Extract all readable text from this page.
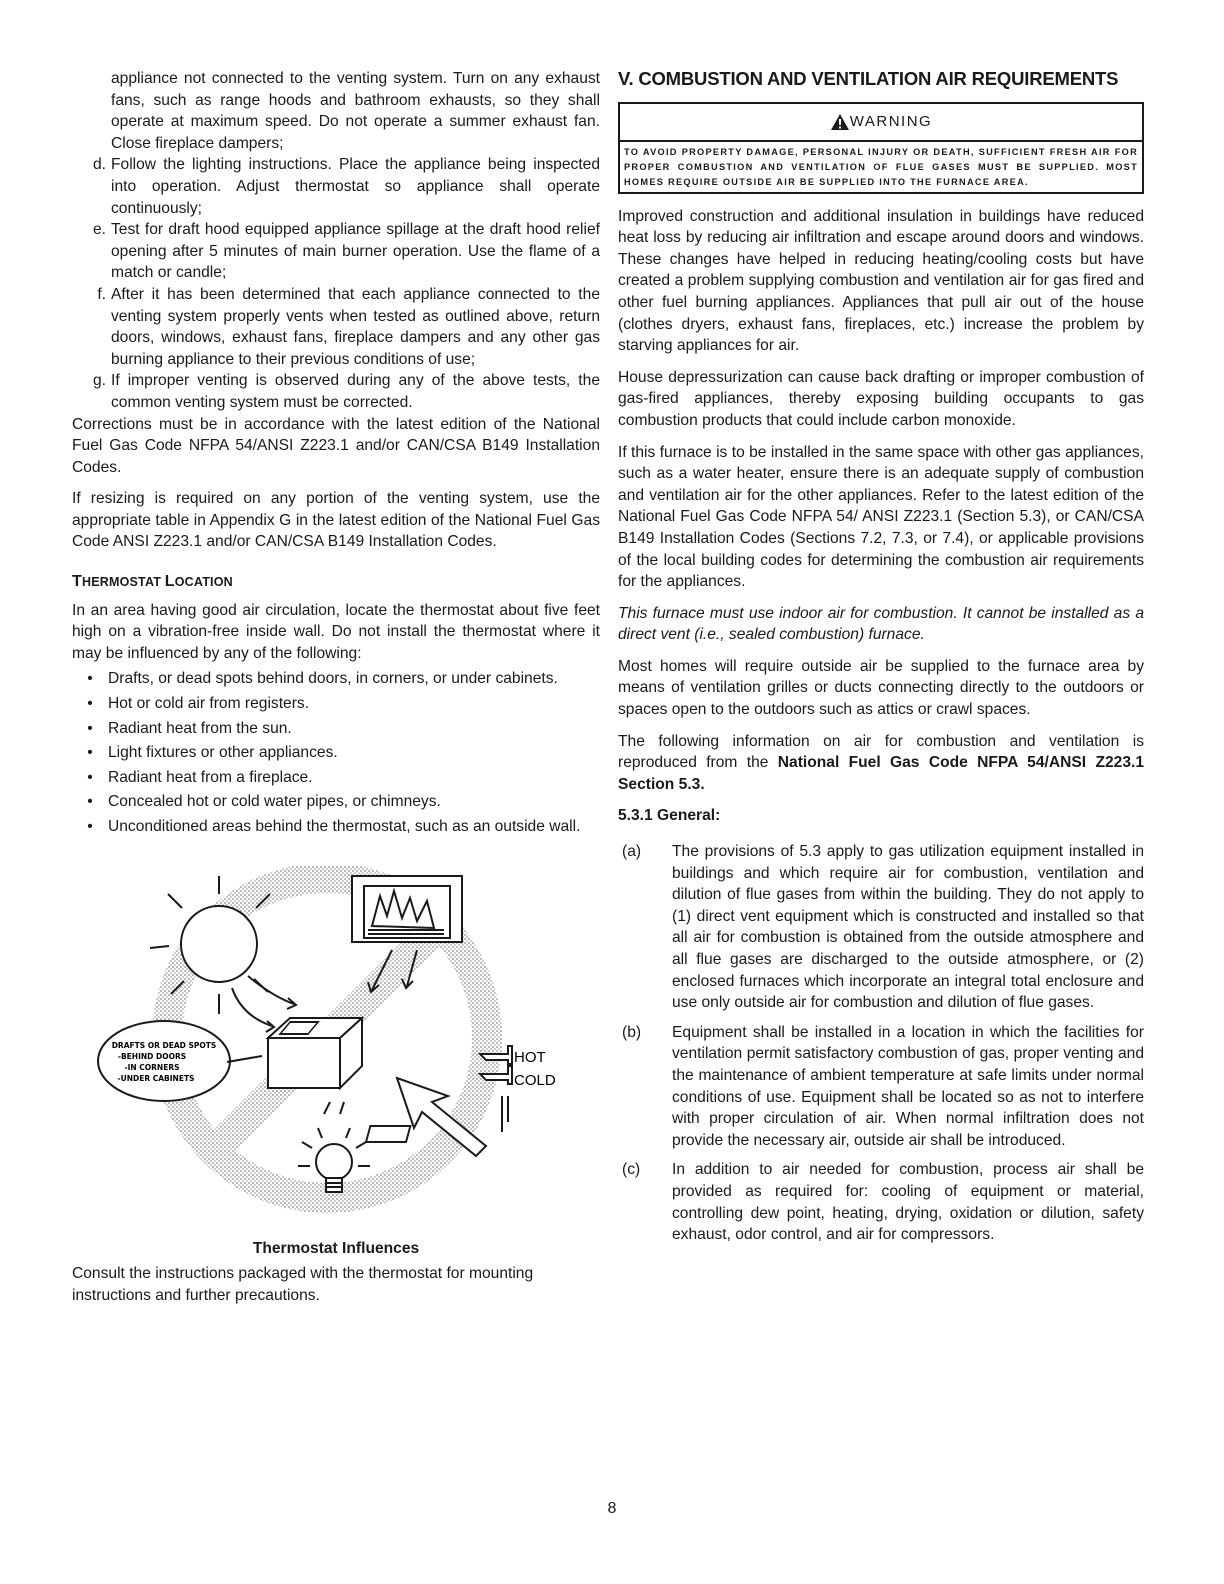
appliance not connected to the venting system. Turn on any exhaust fans, such as range hoods and bathroom exhausts, so they shall operate at maximum speed. Do not operate a summer exhaust fan. Close fireplace dampers;
d. Follow the lighting instructions. Place the appliance being inspected into operation. Adjust thermostat so appliance shall operate continuously;
e. Test for draft hood equipped appliance spillage at the draft hood relief opening after 5 minutes of main burner operation. Use the flame of a match or candle;
f. After it has been determined that each appliance connected to the venting system properly vents when tested as outlined above, return doors, windows, exhaust fans, fireplace dampers and any other gas burning appliance to their previous conditions of use;
g. If improper venting is observed during any of the above tests, the common venting system must be corrected.

Corrections must be in accordance with the latest edition of the National Fuel Gas Code NFPA 54/ANSI Z223.1 and/or CAN/CSA B149 Installation Codes.

If resizing is required on any portion of the venting system, use the appropriate table in Appendix G in the latest edition of the National Fuel Gas Code ANSI Z223.1 and/or CAN/CSA B149 Installation Codes.

THERMOSTAT LOCATION

In an area having good air circulation, locate the thermostat about five feet high on a vibration-free inside wall. Do not install the thermostat where it may be influenced by any of the following:

• Drafts, or dead spots behind doors, in corners, or under cabinets.
• Hot or cold air from registers.
• Radiant heat from the sun.
• Light fixtures or other appliances.
• Radiant heat from a fireplace.
• Concealed hot or cold water pipes, or chimneys.
• Unconditioned areas behind the thermostat, such as an outside wall.
DRAFTS OR DEAD SPOTS
-BEHIND DOORS
-IN CORNERS
-UNDER CABINETS
HOT
COLD
Thermostat Influences

Consult the instructions packaged with the thermostat for mounting instructions and further precautions.

V. COMBUSTION AND VENTILATION AIR REQUIREMENTS
WARNING
TO AVOID PROPERTY DAMAGE, PERSONAL INJURY OR DEATH, SUFFICIENT FRESH AIR FOR PROPER COMBUSTION AND VENTILATION OF FLUE GASES MUST BE SUPPLIED. MOST HOMES REQUIRE OUTSIDE AIR BE SUPPLIED INTO THE FURNACE AREA.

Improved construction and additional insulation in buildings have reduced heat loss by reducing air infiltration and escape around doors and windows. These changes have helped in reducing heating/cooling costs but have created a problem supplying combustion and ventilation air for gas fired and other fuel burning appliances. Appliances that pull air out of the house (clothes dryers, exhaust fans, fireplaces, etc.) increase the problem by starving appliances for air.

House depressurization can cause back drafting or improper combustion of gas-fired appliances, thereby exposing building occupants to gas combustion products that could include carbon monoxide.

If this furnace is to be installed in the same space with other gas appliances, such as a water heater, ensure there is an adequate supply of combustion and ventilation air for the other appliances. Refer to the latest edition of the National Fuel Gas Code NFPA 54/ ANSI Z223.1 (Section 5.3), or CAN/CSA B149 Installation Codes (Sections 7.2, 7.3, or 7.4), or applicable provisions of the local building codes for determining the combustion air requirements for the appliances.

This furnace must use indoor air for combustion. It cannot be installed as a direct vent (i.e., sealed combustion) furnace.

Most homes will require outside air be supplied to the furnace area by means of ventilation grilles or ducts connecting directly to the outdoors or spaces open to the outdoors such as attics or crawl spaces.

The following information on air for combustion and ventilation is reproduced from the National Fuel Gas Code NFPA 54/ANSI Z223.1 Section 5.3.

5.3.1 General:

(a)	The provisions of 5.3 apply to gas utilization equipment installed in buildings and which require air for combustion, ventilation and dilution of flue gases from within the building. They do not apply to (1) direct vent equipment which is constructed and installed so that all air for combustion is obtained from the outside atmosphere and all flue gases are discharged to the outside atmosphere, or (2) enclosed furnaces which incorporate an integral total enclosure and use only outside air for combustion and dilution of flue gases.
(b)	Equipment shall be installed in a location in which the facilities for ventilation permit satisfactory combustion of gas, proper venting and the maintenance of ambient temperature at safe limits under normal conditions of use. Equipment shall be located so as not to interfere with proper circulation of air. When normal infiltration does not provide the necessary air, outside air shall be introduced.
(c)	In addition to air needed for combustion, process air shall be provided as required for: cooling of equipment or material, controlling dew point, heating, drying, oxidation or dilution, safety exhaust, odor control, and air for compressors.
8
